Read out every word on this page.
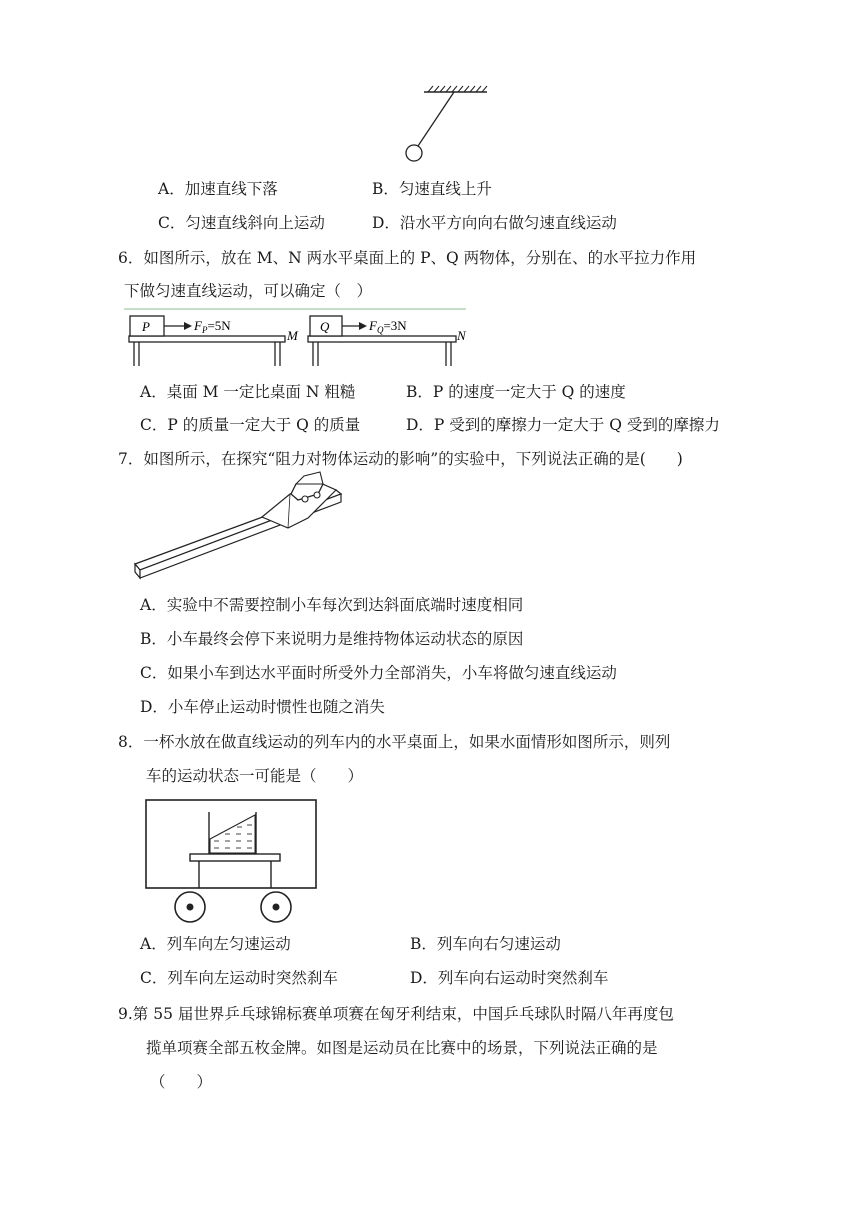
A．加速直线下落	B．匀速直线上升
C．匀速直线斜向上运动	D．沿水平方向向右做匀速直线运动
6．如图所示，放在 M、N 两水平桌面上的 P、Q 两物体，分别在、的水平拉力作用
下做匀速直线运动，可以确定（　）
P	$F_P=5N$
M
Q	$F_Q=3N$
N
A．桌面 M 一定比桌面 N 粗糙	B．P 的速度一定大于 Q 的速度
C．P 的质量一定大于 Q 的质量	D．P 受到的摩擦力一定大于 Q 受到的摩擦力
7．如图所示，在探究“阻力对物体运动的影响”的实验中，下列说法正确的是(　　)
A．实验中不需要控制小车每次到达斜面底端时速度相同
B．小车最终会停下来说明力是维持物体运动状态的原因
C．如果小车到达水平面时所受外力全部消失，小车将做匀速直线运动
D．小车停止运动时惯性也随之消失
8．一杯水放在做直线运动的列车内的水平桌面上，如果水面情形如图所示，则列
车的运动状态一可能是（　　）
A．列车向左匀速运动	B．列车向右匀速运动
C．列车向左运动时突然刹车	D．列车向右运动时突然刹车
9.第 55 届世界乒乓球锦标赛单项赛在匈牙利结束，中国乒乓球队时隔八年再度包
揽单项赛全部五枚金牌。如图是运动员在比赛中的场景，下列说法正确的是
（　　）
